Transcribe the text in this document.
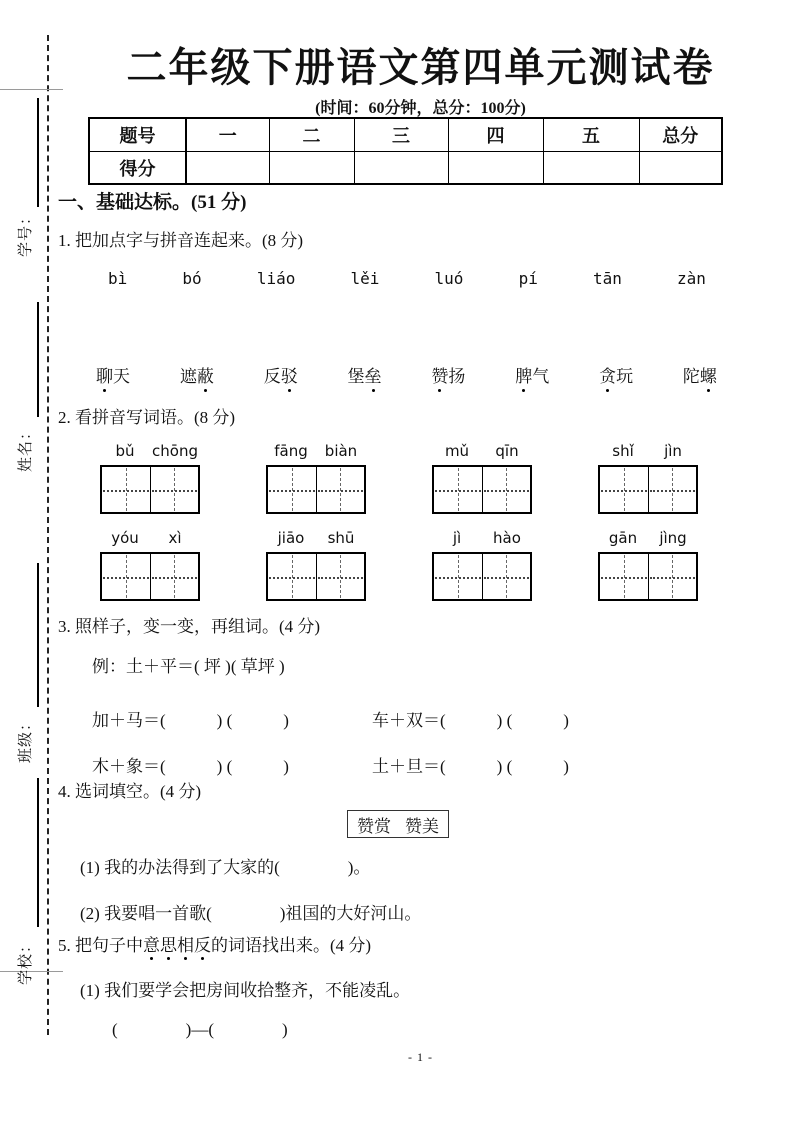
学号：
姓名：
班级：
学校：
二年级下册语文第四单元测试卷
(时间：60分钟，总分：100分)
题号	一	二	三	四	五	总分
得分						
一、基础达标。(51 分)
1. 把加点字与拼音连起来。(8 分)
bì	bó	liáo	lěi	luó	pí	tān	zàn
聊天	遮蔽	反驳	堡垒	赞扬	脾气	贪玩	陀螺
2. 看拼音写词语。(8 分)
bǔ	chōng	fāng	biàn	mǔ	qīn	shǐ	jìn
yóu	xì	jiāo	shū	jì	hào	gān	jìng
3. 照样子，变一变，再组词。(4 分)
例：土＋平＝( 坪 )( 草坪 )
加＋马＝(　　　) (　　　)	车＋双＝(　　　) (　　　)
木＋象＝(　　　) (　　　)	土＋旦＝(　　　) (　　　)
4. 选词填空。(4 分)
赞赏 赞美
(1) 我的办法得到了大家的(　　　　)。
(2) 我要唱一首歌(　　　　)祖国的大好河山。
5. 把句子中意思相反的词语找出来。(4 分)
(1) 我们要学会把房间收拾整齐，不能凌乱。
(　　　　)—(　　　　)
- 1 -
